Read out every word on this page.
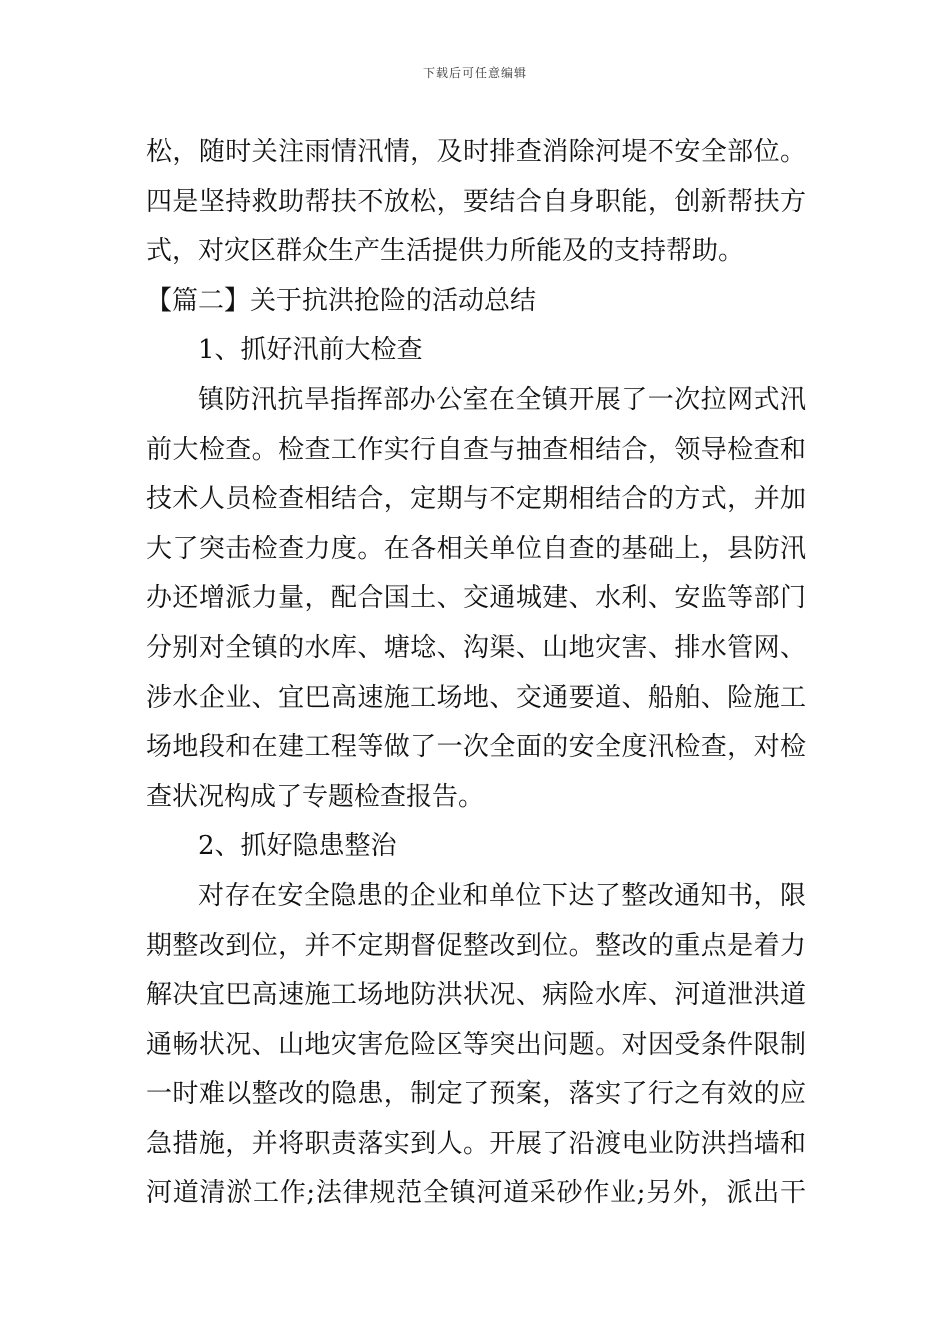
下载后可任意编辑
松，随时关注雨情汛情，及时排查消除河堤不安全部位。
四是坚持救助帮扶不放松，要结合自身职能，创新帮扶方
式，对灾区群众生产生活提供力所能及的支持帮助。
【篇二】关于抗洪抢险的活动总结
1、抓好汛前大检查
镇防汛抗旱指挥部办公室在全镇开展了一次拉网式汛
前大检查。检查工作实行自查与抽查相结合，领导检查和
技术人员检查相结合，定期与不定期相结合的方式，并加
大了突击检查力度。在各相关单位自查的基础上，县防汛
办还增派力量，配合国土、交通城建、水利、安监等部门
分别对全镇的水库、塘埝、沟渠、山地灾害、排水管网、
涉水企业、宜巴高速施工场地、交通要道、船舶、险施工
场地段和在建工程等做了一次全面的安全度汛检查，对检
查状况构成了专题检查报告。
2、抓好隐患整治
对存在安全隐患的企业和单位下达了整改通知书，限
期整改到位，并不定期督促整改到位。整改的重点是着力
解决宜巴高速施工场地防洪状况、病险水库、河道泄洪道
通畅状况、山地灾害危险区等突出问题。对因受条件限制
一时难以整改的隐患，制定了预案，落实了行之有效的应
急措施，并将职责落实到人。开展了沿渡电业防洪挡墙和
河道清淤工作;法律规范全镇河道采砂作业;另外，派出干
